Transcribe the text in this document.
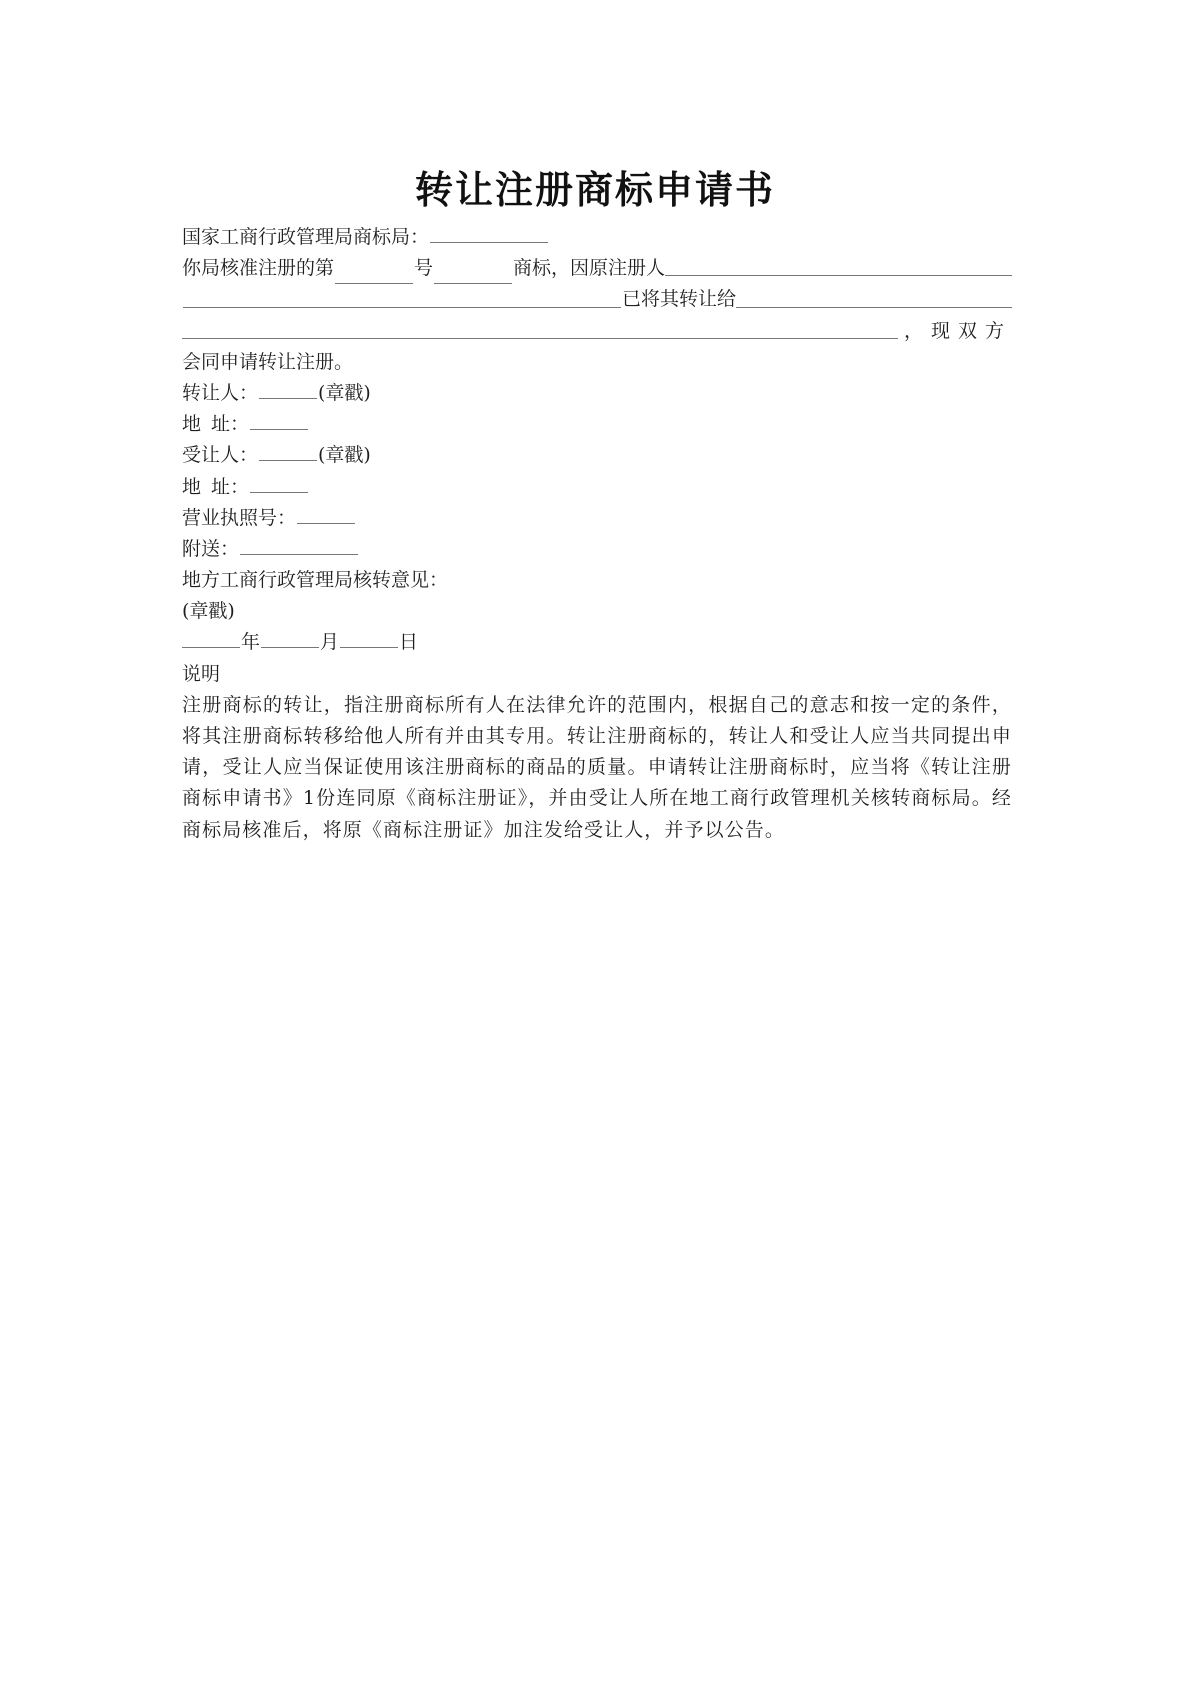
转让注册商标申请书
国家工商行政管理局商标局：
你局核准注册的第	号	商标，因原注册人
已将其转让给
，现双方
会同申请转让注册。
转让人：	(章戳)
地 址：
受让人：	(章戳)
地 址：
营业执照号：
附送：
地方工商行政管理局核转意见：
(章戳)
年	月	日
说明
注册商标的转让，指注册商标所有人在法律允许的范围内，根据自己的意志和按一定的条件，将其注册商标转移给他人所有并由其专用。转让注册商标的，转让人和受让人应当共同提出申请，受让人应当保证使用该注册商标的商品的质量。申请转让注册商标时，应当将《转让注册商标申请书》1份连同原《商标注册证》，并由受让人所在地工商行政管理机关核转商标局。经商标局核准后，将原《商标注册证》加注发给受让人，并予以公告。
